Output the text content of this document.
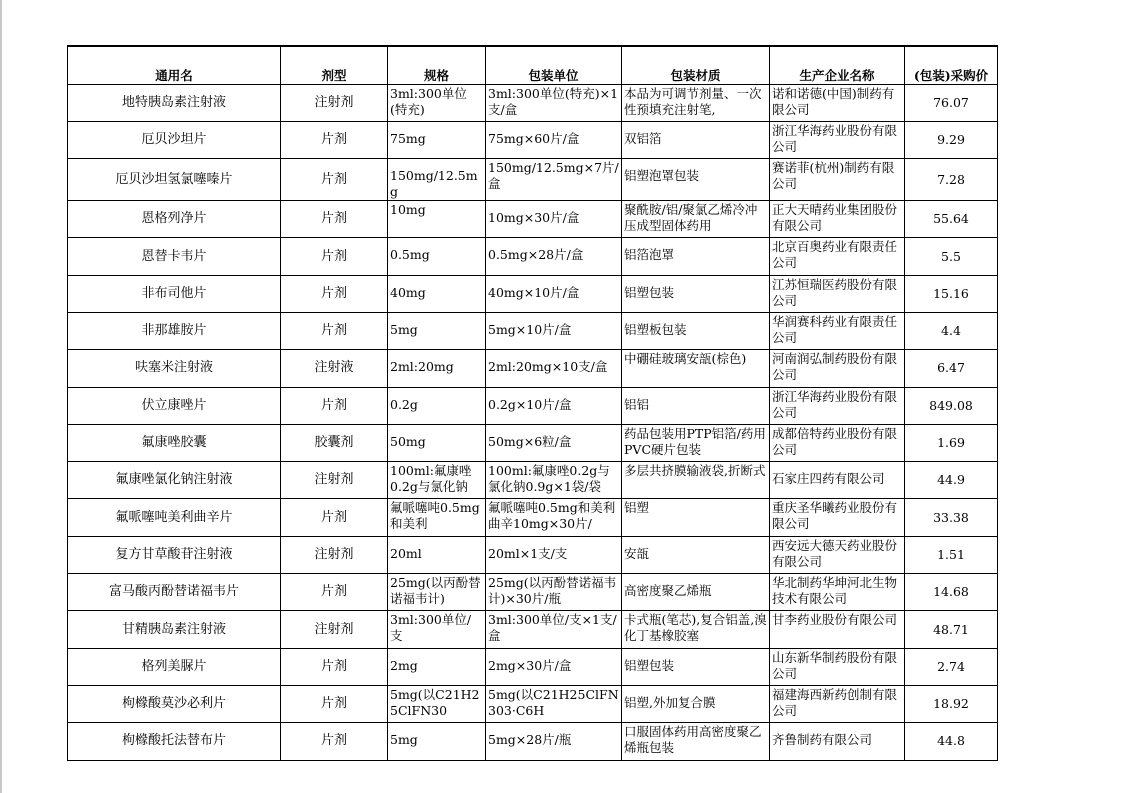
通用名	剂型	规格	包装单位	包装材质	生产企业名称	(包装)采购价
地特胰岛素注射液	注射剂	3ml:300单位(特充)	3ml:300单位(特充)×1支/盒	本品为可调节剂量、一次性预填充注射笔,	诺和诺德(中国)制药有限公司	76.07
厄贝沙坦片	片剂	75mg	75mg×60片/盒	双铝箔	浙江华海药业股份有限公司	9.29
厄贝沙坦氢氯噻嗪片	片剂	150mg/12.5mg	150mg/12.5mg×7片/盒	铝塑泡罩包装	赛诺菲(杭州)制药有限公司	7.28
恩格列净片	片剂	10mg	10mg×30片/盒	聚酰胺/铝/聚氯乙烯冷冲压成型固体药用	正大天晴药业集团股份有限公司	55.64
恩替卡韦片	片剂	0.5mg	0.5mg×28片/盒	铝箔泡罩	北京百奥药业有限责任公司	5.5
非布司他片	片剂	40mg	40mg×10片/盒	铝塑包装	江苏恒瑞医药股份有限公司	15.16
非那雄胺片	片剂	5mg	5mg×10片/盒	铝塑板包装	华润赛科药业有限责任公司	4.4
呋塞米注射液	注射液	2ml:20mg	2ml:20mg×10支/盒	中硼硅玻璃安瓿(棕色)	河南润弘制药股份有限公司	6.47
伏立康唑片	片剂	0.2g	0.2g×10片/盒	铝铝	浙江华海药业股份有限公司	849.08
氟康唑胶囊	胶囊剂	50mg	50mg×6粒/盒	药品包装用PTP铝箔/药用PVC硬片包装	成都倍特药业股份有限公司	1.69
氟康唑氯化钠注射液	注射剂	100ml:氟康唑0.2g与氯化钠	100ml:氟康唑0.2g与氯化钠0.9g×1袋/袋	多层共挤膜输液袋,折断式	石家庄四药有限公司	44.9
氟哌噻吨美利曲辛片	片剂	氟哌噻吨0.5mg和美利	氟哌噻吨0.5mg和美利曲辛10mg×30片/	铝塑	重庆圣华曦药业股份有限公司	33.38
复方甘草酸苷注射液	注射剂	20ml	20ml×1支/支	安瓿	西安远大德天药业股份有限公司	1.51
富马酸丙酚替诺福韦片	片剂	25mg(以丙酚替诺福韦计)	25mg(以丙酚替诺福韦计)×30片/瓶	高密度聚乙烯瓶	华北制药华坤河北生物技术有限公司	14.68
甘精胰岛素注射液	注射剂	3ml:300单位/支	3ml:300单位/支×1支/盒	卡式瓶(笔芯),复合铝盖,溴化丁基橡胶塞	甘李药业股份有限公司	48.71
格列美脲片	片剂	2mg	2mg×30片/盒	铝塑包装	山东新华制药股份有限公司	2.74
枸橼酸莫沙必利片	片剂	5mg(以C21H25ClFN30	5mg(以C21H25ClFN303·C6H	铝塑,外加复合膜	福建海西新药创制有限公司	18.92
枸橼酸托法替布片	片剂	5mg	5mg×28片/瓶	口服固体药用高密度聚乙烯瓶包装	齐鲁制药有限公司	44.8
